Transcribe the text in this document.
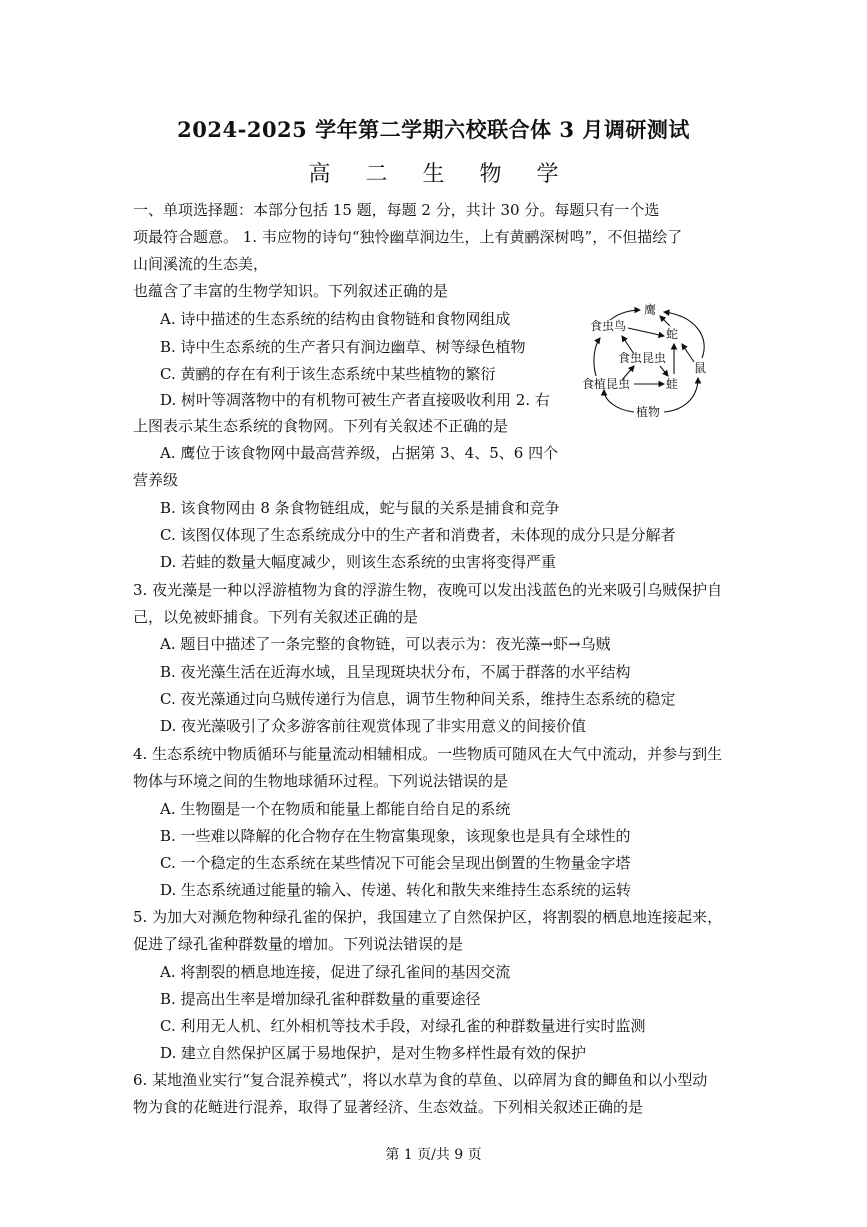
2024-2025 学年第二学期六校联合体 3 月调研测试
高 二 生 物 学
一、单项选择题：本部分包括 15 题，每题 2 分，共计 30 分。每题只有一个选
项最符合题意。 1. 韦应物的诗句“独怜幽草涧边生，上有黄鹂深树鸣”，不但描绘了
山间溪流的生态美，
也蕴含了丰富的生物学知识。下列叙述正确的是
A. 诗中描述的生态系统的结构由食物链和食物网组成
B. 诗中生态系统的生产者只有涧边幽草、树等绿色植物
C. 黄鹂的存在有利于该生态系统中某些植物的繁衍
D. 树叶等凋落物中的有机物可被生产者直接吸收利用 2. 右
上图表示某生态系统的食物网。下列有关叙述不正确的是
A. 鹰位于该食物网中最高营养级，占据第 3、4、5、6 四个
营养级
B. 该食物网由 8 条食物链组成，蛇与鼠的关系是捕食和竞争
C. 该图仅体现了生态系统成分中的生产者和消费者，未体现的成分只是分解者
D. 若蛙的数量大幅度减少，则该生态系统的虫害将变得严重
3. 夜光藻是一种以浮游植物为食的浮游生物，夜晚可以发出浅蓝色的光来吸引乌贼保护自
己，以免被虾捕食。下列有关叙述正确的是
A. 题目中描述了一条完整的食物链，可以表示为：夜光藻→虾→乌贼
B. 夜光藻生活在近海水域，且呈现斑块状分布，不属于群落的水平结构
C. 夜光藻通过向乌贼传递行为信息，调节生物种间关系，维持生态系统的稳定
D. 夜光藻吸引了众多游客前往观赏体现了非实用意义的间接价值
4. 生态系统中物质循环与能量流动相辅相成。一些物质可随风在大气中流动，并参与到生
物体与环境之间的生物地球循环过程。下列说法错误的是
A. 生物圈是一个在物质和能量上都能自给自足的系统
B. 一些难以降解的化合物存在生物富集现象，该现象也是具有全球性的
C. 一个稳定的生态系统在某些情况下可能会呈现出倒置的生物量金字塔
D. 生态系统通过能量的输入、传递、转化和散失来维持生态系统的运转
5. 为加大对濒危物种绿孔雀的保护，我国建立了自然保护区，将割裂的栖息地连接起来，
促进了绿孔雀种群数量的增加。下列说法错误的是
A. 将割裂的栖息地连接，促进了绿孔雀间的基因交流
B. 提高出生率是增加绿孔雀种群数量的重要途径
C. 利用无人机、红外相机等技术手段，对绿孔雀的种群数量进行实时监测
D. 建立自然保护区属于易地保护，是对生物多样性最有效的保护
6. 某地渔业实行“复合混养模式”，将以水草为食的草鱼、以碎屑为食的鲫鱼和以小型动
物为食的花鲢进行混养，取得了显著经济、生态效益。下列相关叙述正确的是
鹰
食虫鸟
蛇
食虫昆虫
鼠
食植昆虫	蛙
植物
第 1 页/共 9 页
